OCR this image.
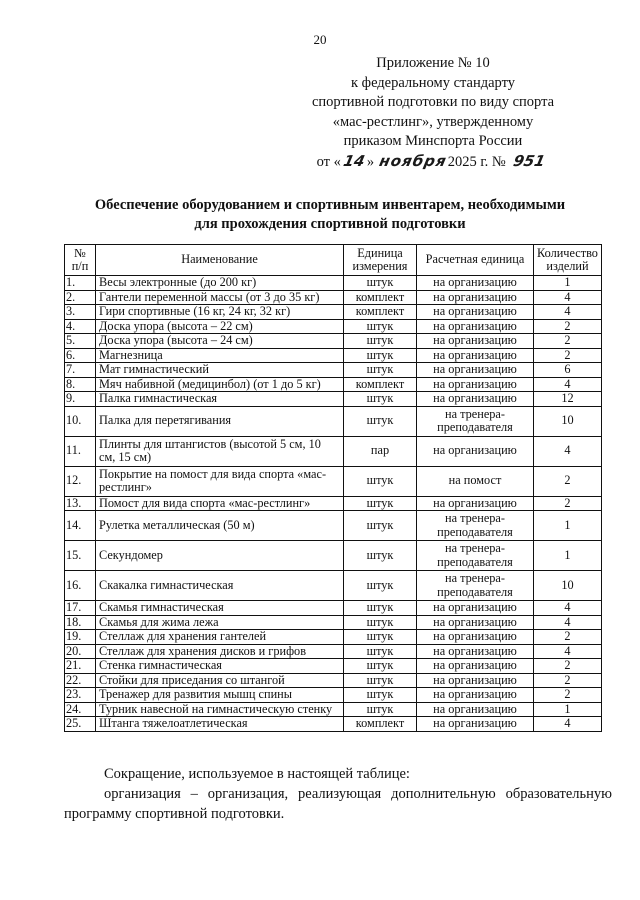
20
Приложение № 10
к федеральному стандарту
спортивной подготовки по виду спорта
«мас-рестлинг», утвержденному
приказом Минспорта России
от «14» ноября2025 г. № 951
Обеспечение оборудованием и спортивным инвентарем, необходимыми
для прохождения спортивной подготовки
№
п/п	Наименование	Единица измерения	Расчетная единица	Количество изделий
1.	Весы электронные (до 200 кг)	штук	на организацию	1
2.	Гантели переменной массы (от 3 до 35 кг)	комплект	на организацию	4
3.	Гири спортивные (16 кг, 24 кг, 32 кг)	комплект	на организацию	4
4.	Доска упора (высота – 22 см)	штук	на организацию	2
5.	Доска упора (высота – 24 см)	штук	на организацию	2
6.	Магнезница	штук	на организацию	2
7.	Мат гимнастический	штук	на организацию	6
8.	Мяч набивной (медицинбол) (от 1 до 5 кг)	комплект	на организацию	4
9.	Палка гимнастическая	штук	на организацию	12
10.	Палка для перетягивания	штук	на тренера-преподавателя	10
11.	Плинты для штангистов (высотой 5 см, 10 см, 15 см)	пар	на организацию	4
12.	Покрытие на помост для вида спорта «мас-рестлинг»	штук	на помост	2
13.	Помост для вида спорта «мас-рестлинг»	штук	на организацию	2
14.	Рулетка металлическая (50 м)	штук	на тренера-преподавателя	1
15.	Секундомер	штук	на тренера-преподавателя	1
16.	Скакалка гимнастическая	штук	на тренера-преподавателя	10
17.	Скамья гимнастическая	штук	на организацию	4
18.	Скамья для жима лежа	штук	на организацию	4
19.	Стеллаж для хранения гантелей	штук	на организацию	2
20.	Стеллаж для хранения дисков и грифов	штук	на организацию	4
21.	Стенка гимнастическая	штук	на организацию	2
22.	Стойки для приседания со штангой	штук	на организацию	2
23.	Тренажер для развития мышц спины	штук	на организацию	2
24.	Турник навесной на гимнастическую стенку	штук	на организацию	1
25.	Штанга тяжелоатлетическая	комплект	на организацию	4

Сокращение, используемое в настоящей таблице:

организация – организация, реализующая дополнительную образовательную

программу спортивной подготовки.
